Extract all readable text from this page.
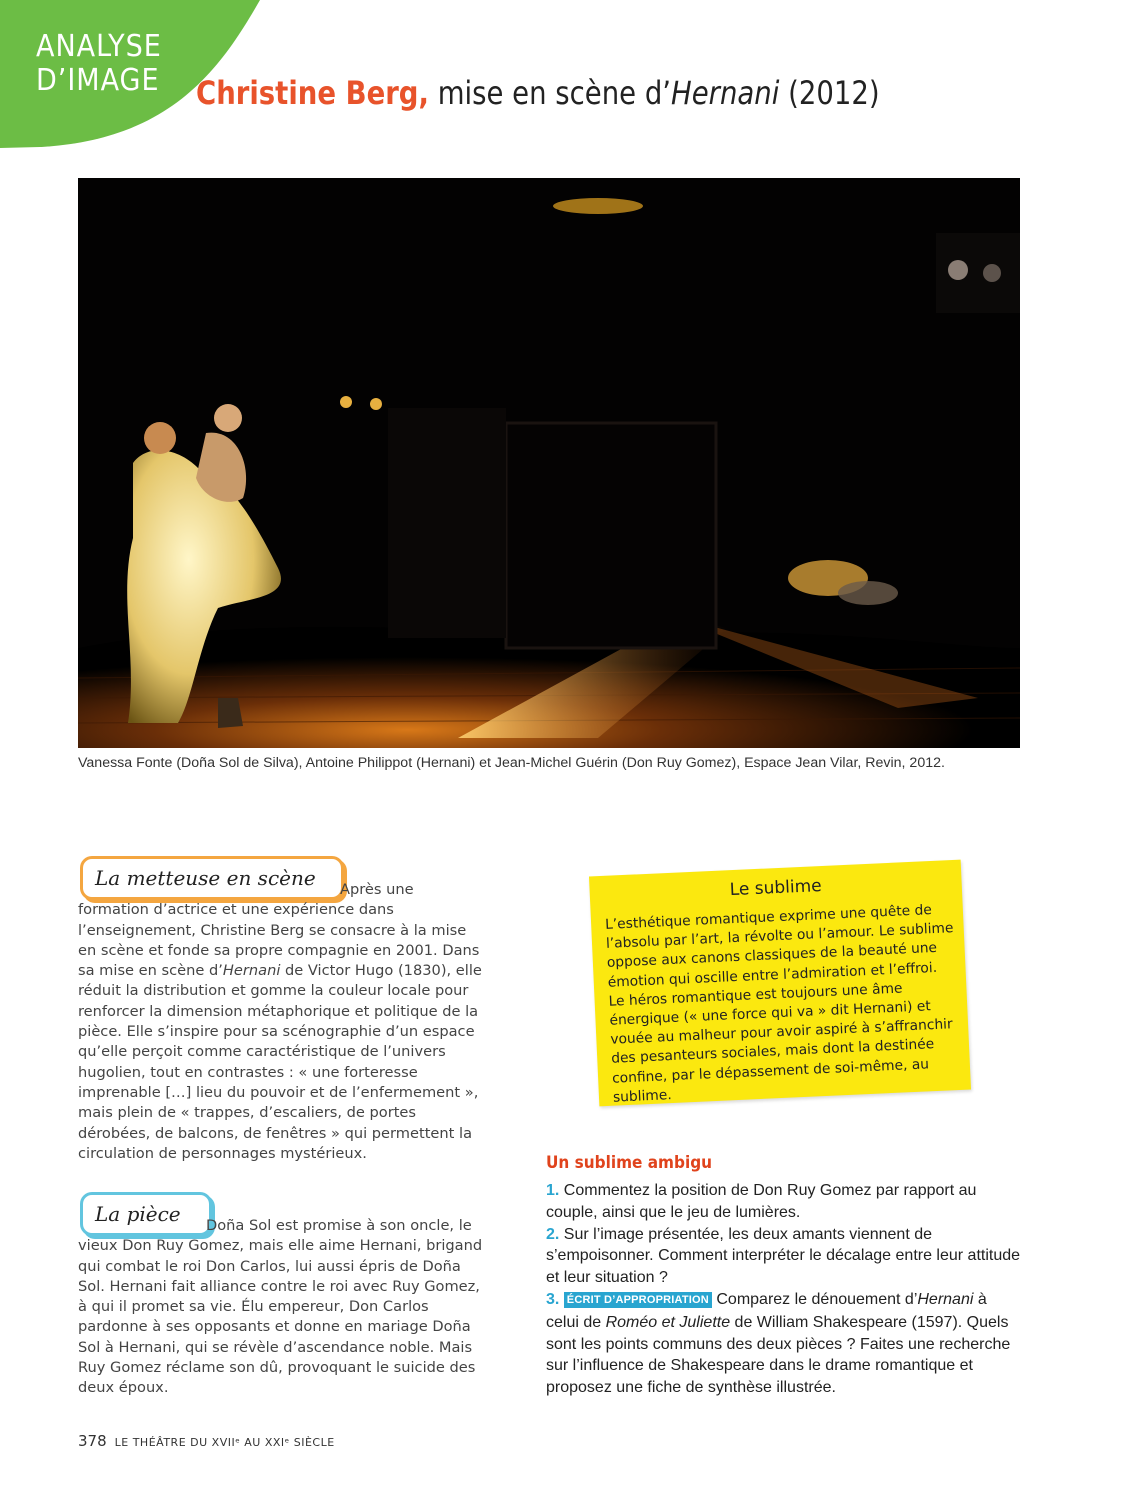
ANALYSE
D’IMAGE Christine Berg, mise en scène d’Hernani (2012)
Vanessa Fonte (Doña Sol de Silva), Antoine Philippot (Hernani) et Jean-Michel Guérin (Don Ruy Gomez), Espace Jean Vilar, Revin, 2012.
La metteuse en scène	Après une formation d’actrice et une expérience dans l’enseignement, Christine Berg se consacre à la mise en scène et fonde sa propre compagnie en 2001. Dans sa mise en scène d’Hernani de Victor Hugo (1830), elle réduit la distribution et gomme la couleur locale pour renforcer la dimension métaphorique et politique de la pièce. Elle s’inspire pour sa scénographie d’un espace qu’elle perçoit comme caractéristique de l’univers hugolien, tout en contrastes : « une forteresse imprenable […] lieu du pouvoir et de l’enfermement », mais plein de « trappes, d’escaliers, de portes dérobées, de balcons, de fenêtres » qui permettent la circulation de personnages mystérieux.
La pièce	Doña Sol est promise à son oncle, le vieux Don Ruy Gomez, mais elle aime Hernani, brigand qui combat le roi Don Carlos, lui aussi épris de Doña Sol. Hernani fait alliance contre le roi avec Ruy Gomez, à qui il promet sa vie. Élu empereur, Don Carlos pardonne à ses opposants et donne en mariage Doña Sol à Hernani, qui se révèle d’ascendance noble. Mais Ruy Gomez réclame son dû, provoquant le suicide des deux époux.
Le sublime
L’esthétique romantique exprime une quête de l’absolu par l’art, la révolte ou l’amour. Le sublime oppose aux canons classiques de la beauté une émotion qui oscille entre l’admiration et l’effroi. Le héros romantique est toujours une âme énergique (« une force qui va » dit Hernani) et vouée au malheur pour avoir aspiré à s’affranchir des pesanteurs sociales, mais dont la destinée confine, par le dépassement de soi-même, au sublime.
Un sublime ambigu

1. Commentez la position de Don Ruy Gomez par rapport au couple, ainsi que le jeu de lumières.

2. Sur l’image présentée, les deux amants viennent de s’empoisonner. Comment interpréter le décalage entre leur attitude et leur situation ?

3. ÉCRIT D’APPROPRIATION Comparez le dénouement d’Hernani à celui de Roméo et Juliette de William Shakespeare (1597). Quels sont les points communs des deux pièces ? Faites une recherche sur l’influence de Shakespeare dans le drame romantique et proposez une fiche de synthèse illustrée.

378 LE THÉÂTRE DU XVIIᵉ AU XXIᵉ SIÈCLE
